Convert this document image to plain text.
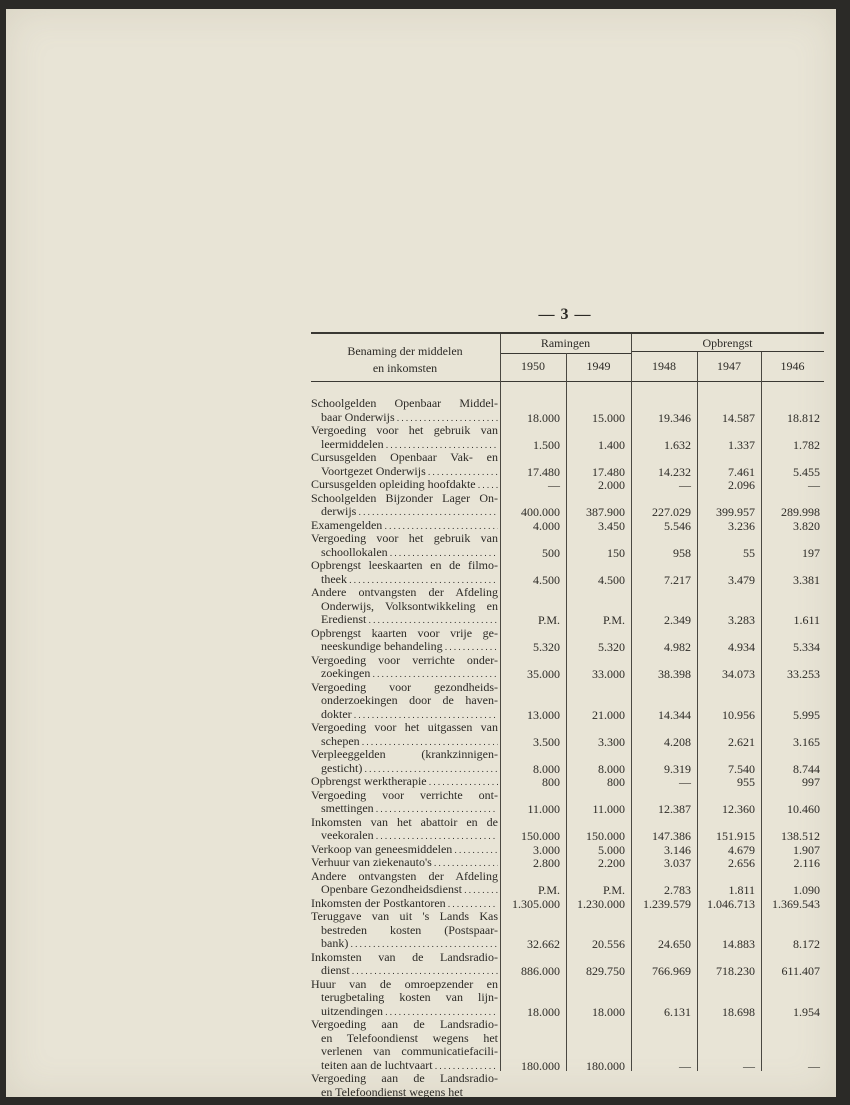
— 3 —
Benaming der middelen
en inkomsten
Ramingen	Opbrengst
1950	1949	1948	1947	1946
Schoolgelden Openbaar Middel-
baar Onderwijs . . .	18.000	15.000	19.346	14.587	18.812
Vergoeding voor het gebruik van
leermiddelen . . .	1.500	1.400	1.632	1.337	1.782
Cursusgelden Openbaar Vak- en
Voortgezet Onderwijs . . .	17.480	17.480	14.232	7.461	5.455
Cursusgelden opleiding hoofdakte . . .	—	2.000	—	2.096	—
Schoolgelden Bijzonder Lager On-
derwijs . . .	400.000	387.900	227.029	399.957	289.998
Examengelden . . .	4.000	3.450	5.546	3.236	3.820
Vergoeding voor het gebruik van
schoollokalen . . .	500	150	958	55	197
Opbrengst leeskaarten en de filmo-
theek . . .	4.500	4.500	7.217	3.479	3.381
Andere ontvangsten der Afdeling
Onderwijs, Volksontwikkeling en
Eredienst . . .	P.M.	P.M.	2.349	3.283	1.611
Opbrengst kaarten voor vrije ge-
neeskundige behandeling . . .	5.320	5.320	4.982	4.934	5.334
Vergoeding voor verrichte onder-
zoekingen . . .	35.000	33.000	38.398	34.073	33.253
Vergoeding voor gezondheids-
onderzoekingen door de haven-
dokter . . .	13.000	21.000	14.344	10.956	5.995
Vergoeding voor het uitgassen van
schepen . . .	3.500	3.300	4.208	2.621	3.165
Verpleeggelden (krankzinnigen-
gesticht) . . .	8.000	8.000	9.319	7.540	8.744
Opbrengst werktherapie . . .	800	800	—	955	997
Vergoeding voor verrichte ont-
smettingen . . .	11.000	11.000	12.387	12.360	10.460
Inkomsten van het abattoir en de
veekoralen . . .	150.000	150.000	147.386	151.915	138.512
Verkoop van geneesmiddelen . . .	3.000	5.000	3.146	4.679	1.907
Verhuur van ziekenauto's . . .	2.800	2.200	3.037	2.656	2.116
Andere ontvangsten der Afdeling
Openbare Gezondheidsdienst . . .	P.M.	P.M.	2.783	1.811	1.090
Inkomsten der Postkantoren . . .	1.305.000	1.230.000	1.239.579	1.046.713	1.369.543
Teruggave van uit 's Lands Kas
bestreden kosten (Postspaar-
bank) . . .	32.662	20.556	24.650	14.883	8.172
Inkomsten van de Landsradio-
dienst . . .	886.000	829.750	766.969	718.230	611.407
Huur van de omroepzender en
terugbetaling kosten van lijn-
uitzendingen . . .	18.000	18.000	6.131	18.698	1.954
Vergoeding aan de Landsradio-
en Telefoondienst wegens het
verlenen van communicatiefacili-
teiten aan de luchtvaart . . .	180.000	180.000	—	—	—
Vergoeding aan de Landsradio-
en Telefoondienst wegens het
